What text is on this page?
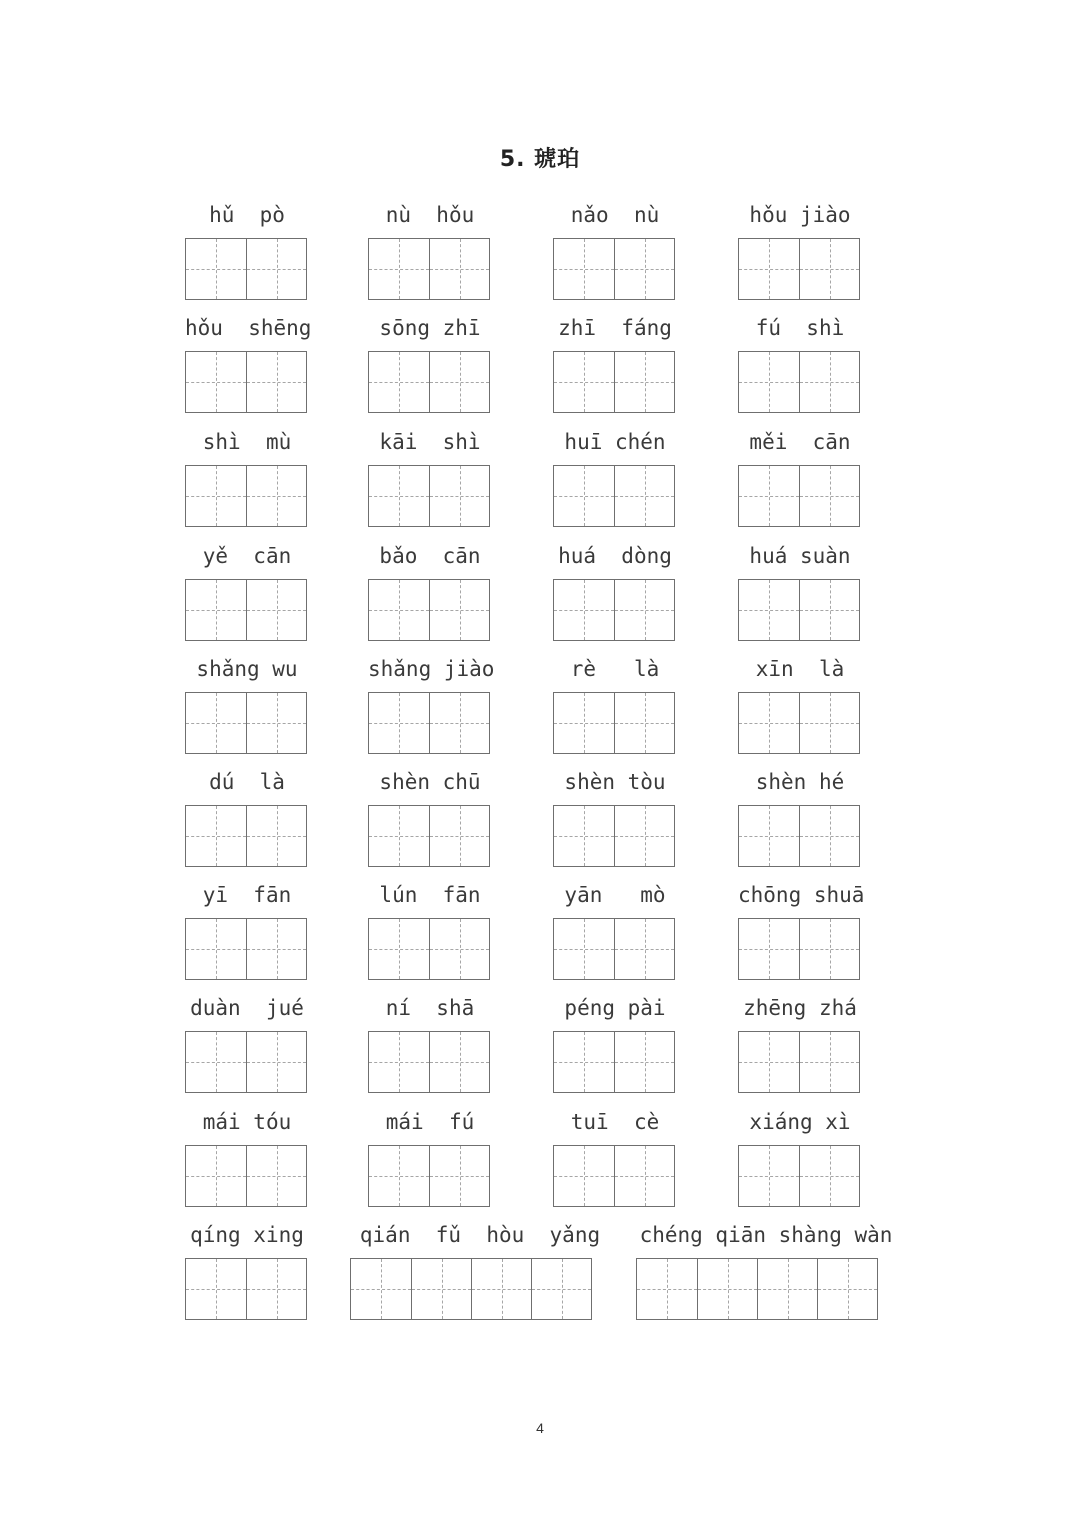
5. 琥珀
hǔ  pò	nù  hǒu	nǎo  nù	hǒu jiào
hǒu  shēng	sōng zhī	zhī  fáng	fú  shì
shì  mù	kāi  shì	huī chén	měi  cān
yě  cān	bǎo  cān	huá  dòng	huá suàn
shǎng wu	shǎng jiào	rè   là	xīn  là
dú  là	shèn chū	shèn tòu	shèn hé
yī  fān	lún  fān	yān   mò	chōng shuā
duàn  jué	ní  shā	péng pài	zhēng zhá
mái tóu	mái  fú	tuī  cè	xiáng xì
qíng xing	qián  fǔ  hòu  yǎng	chéng qiān shàng wàn
4
